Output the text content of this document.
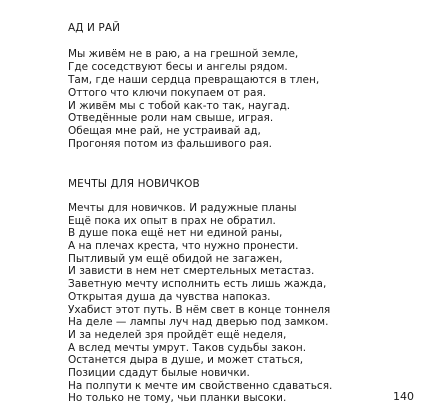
АД И РАЙ
Мы живём не в раю, а на грешной земле,
Где соседствуют бесы и ангелы рядом.
Там, где наши сердца превращаются в тлен,
Оттого что ключи покупаем от рая.
И живём мы с тобой как-то так, наугад.
Отведённые роли нам свыше, играя.
Обещая мне рай, не устраивай ад,
Прогоняя потом из фальшивого рая.
МЕЧТЫ ДЛЯ НОВИЧКОВ
Мечты для новичков. И радужные планы
Ещё пока их опыт в прах не обратил.
В душе пока ещё нет ни единой раны,
А на плечах креста, что нужно пронести.
Пытливый ум ещё обидой не загажен,
И зависти в нем нет смертельных метастаз.
Заветную мечту исполнить есть лишь жажда,
Открытая душа да чувства напоказ.
Ухабист этот путь. В нём свет в конце тоннеля
На деле — лампы луч над дверью под замком.
И за неделей зря пройдёт ещё неделя,
А вслед мечты умрут. Таков судьбы закон.
Останется дыра в душе, и может статься,
Позиции сдадут былые новички.
На полпути к мечте им свойственно сдаваться.
Но только не тому, чьи планки высоки.	140
